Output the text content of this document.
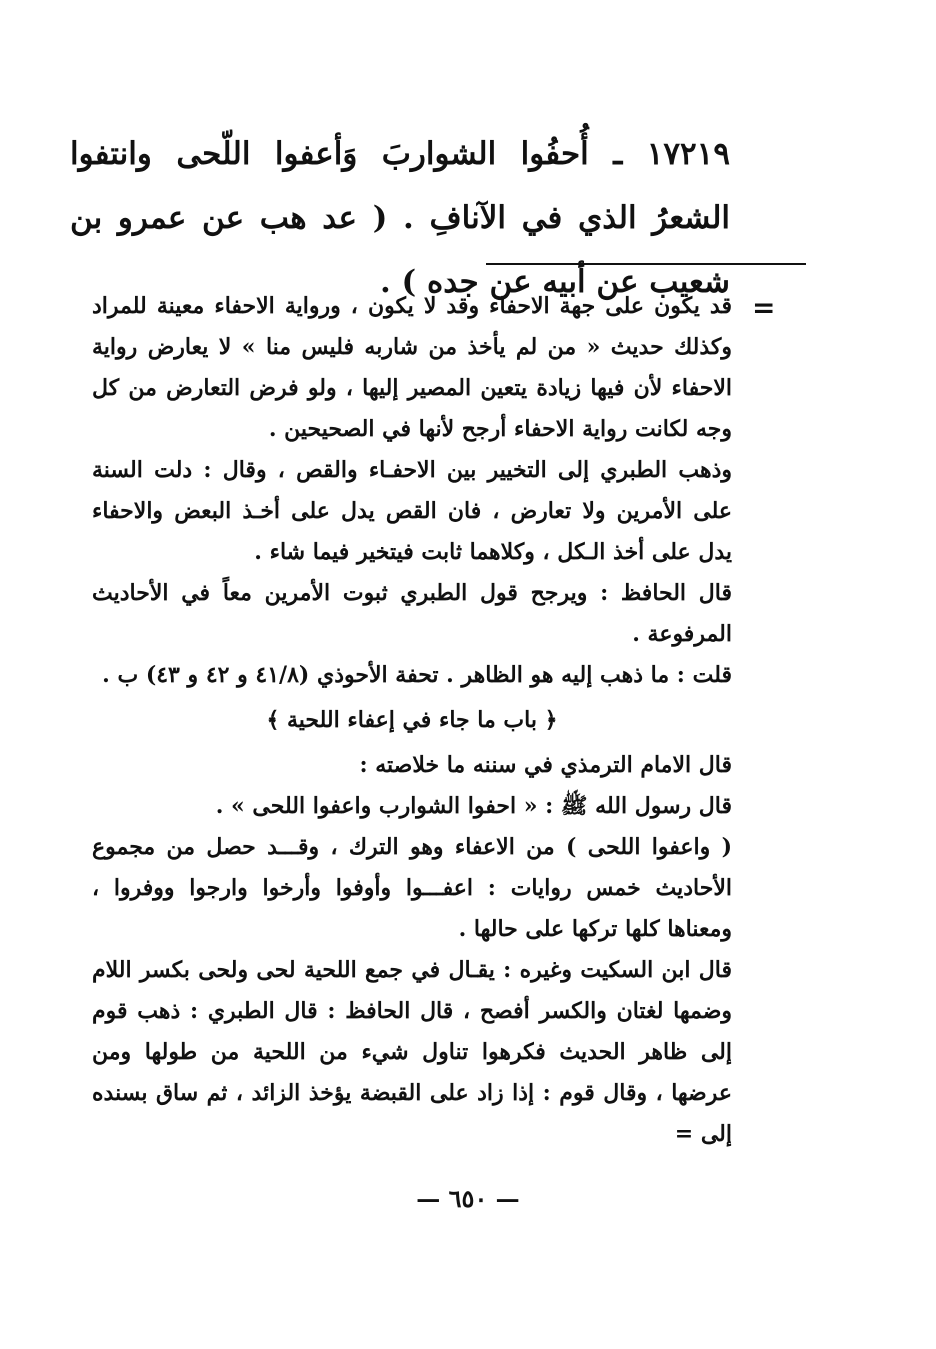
١٧٢١٩ ـ أُحفُوا الشواربَ وَأعفوا اللّحى وانتفوا الشعرُ الذي في الآنافِ . ( عد هب عن عمرو بن شعيب عن أبيه عن جده ) .
=

قد يكون على جهة الاحفاء وقد لا يكون ، ورواية الاحفاء معينة للمراد وكذلك حديث « من لم يأخذ من شاربه فليس منا » لا يعارض رواية الاحفاء لأن فيها زيادة يتعين المصير إليها ، ولو فرض التعارض من كل وجه لكانت رواية الاحفاء أرجح لأنها في الصحيحين .

وذهب الطبري إلى التخيير بين الاحفـاء والقص ، وقال : دلت السنة على الأمرين ولا تعارض ، فان القص يدل على أخـذ البعض والاحفاء يدل على أخذ الـكل ، وكلاهما ثابت فيتخير فيما شاء .

قال الحافظ : ويرجح قول الطبري ثبوت الأمرين معاً في الأحاديث المرفوعة .

قلت : ما ذهب إليه هو الظاهر . تحفة الأحوذي (٤١/٨ و ٤٢ و ٤٣) ب .

﴿ باب ما جاء في إعفاء اللحية ﴾

قال الامام الترمذي في سننه ما خلاصته :

قال رسول الله ﷺ : « احفوا الشوارب واعفوا اللحى » .

( واعفوا اللحى ) من الاعفاء وهو الترك ، وقـــد حصل من مجموع الأحاديث خمس روايات : اعفـــوا وأوفوا وأرخوا وارجوا ووفروا ، ومعناها كلها تركها على حالها .

قال ابن السكيت وغيره : يقـال في جمع اللحية لحى ولحى بكسر اللام وضمها لغتان والكسر أفصح ، قال الحافظ : قال الطبري : ذهب قوم إلى ظاهر الحديث فكرهوا تناول شيء من اللحية من طولها ومن عرضها ، وقال قوم : إذا زاد على القبضة يؤخذ الزائد ، ثم ساق بسنده إلى =

— ٦٥٠ —
